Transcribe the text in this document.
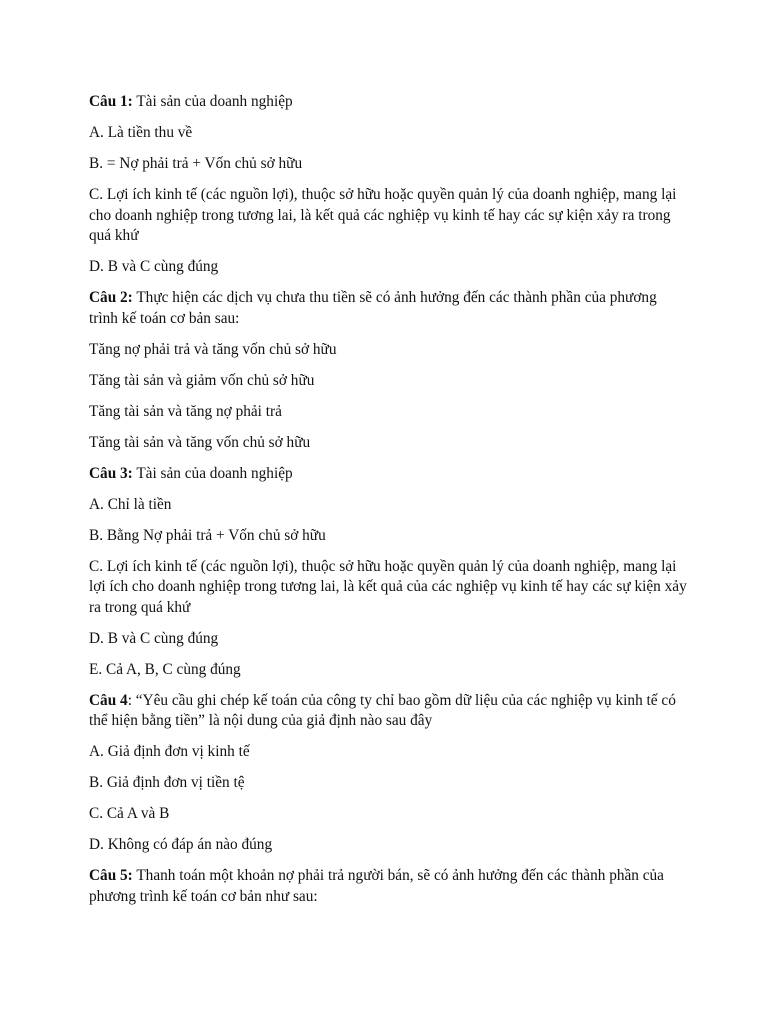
Câu 1: Tài sản của doanh nghiệp

A. Là tiền thu về

B. = Nợ phải trả + Vốn chủ sở hữu

C. Lợi ích kinh tế (các nguồn lợi), thuộc sở hữu hoặc quyền quản lý của doanh nghiệp, mang lại cho doanh nghiệp trong tương lai, là kết quả các nghiệp vụ kinh tế hay các sự kiện xảy ra trong quá khứ

D. B và C cùng đúng

Câu 2: Thực hiện các dịch vụ chưa thu tiền sẽ có ảnh hưởng đến các thành phần của phương trình kế toán cơ bản sau:

Tăng nợ phải trả và tăng vốn chủ sở hữu

Tăng tài sản và giảm vốn chủ sở hữu

Tăng tài sản và tăng nợ phải trả

Tăng tài sản và tăng vốn chủ sở hữu

Câu 3: Tài sản của doanh nghiệp

A. Chỉ là tiền

B. Bằng Nợ phải trả + Vốn chủ sở hữu

C. Lợi ích kinh tế (các nguồn lợi), thuộc sở hữu hoặc quyền quản lý của doanh nghiệp, mang lại lợi ích cho doanh nghiệp trong tương lai, là kết quả của các nghiệp vụ kinh tế hay các sự kiện xảy ra trong quá khứ

D. B và C cùng đúng

E. Cả A, B, C cùng đúng

Câu 4: “Yêu cầu ghi chép kế toán của công ty chỉ bao gồm dữ liệu của các nghiệp vụ kinh tế có thể hiện bằng tiền” là nội dung của giả định nào sau đây

A. Giả định đơn vị kinh tế

B. Giả định đơn vị tiền tệ

C. Cả A và B

D. Không có đáp án nào đúng

Câu 5: Thanh toán một khoản nợ phải trả người bán, sẽ có ảnh hưởng đến các thành phần của phương trình kế toán cơ bản như sau:
